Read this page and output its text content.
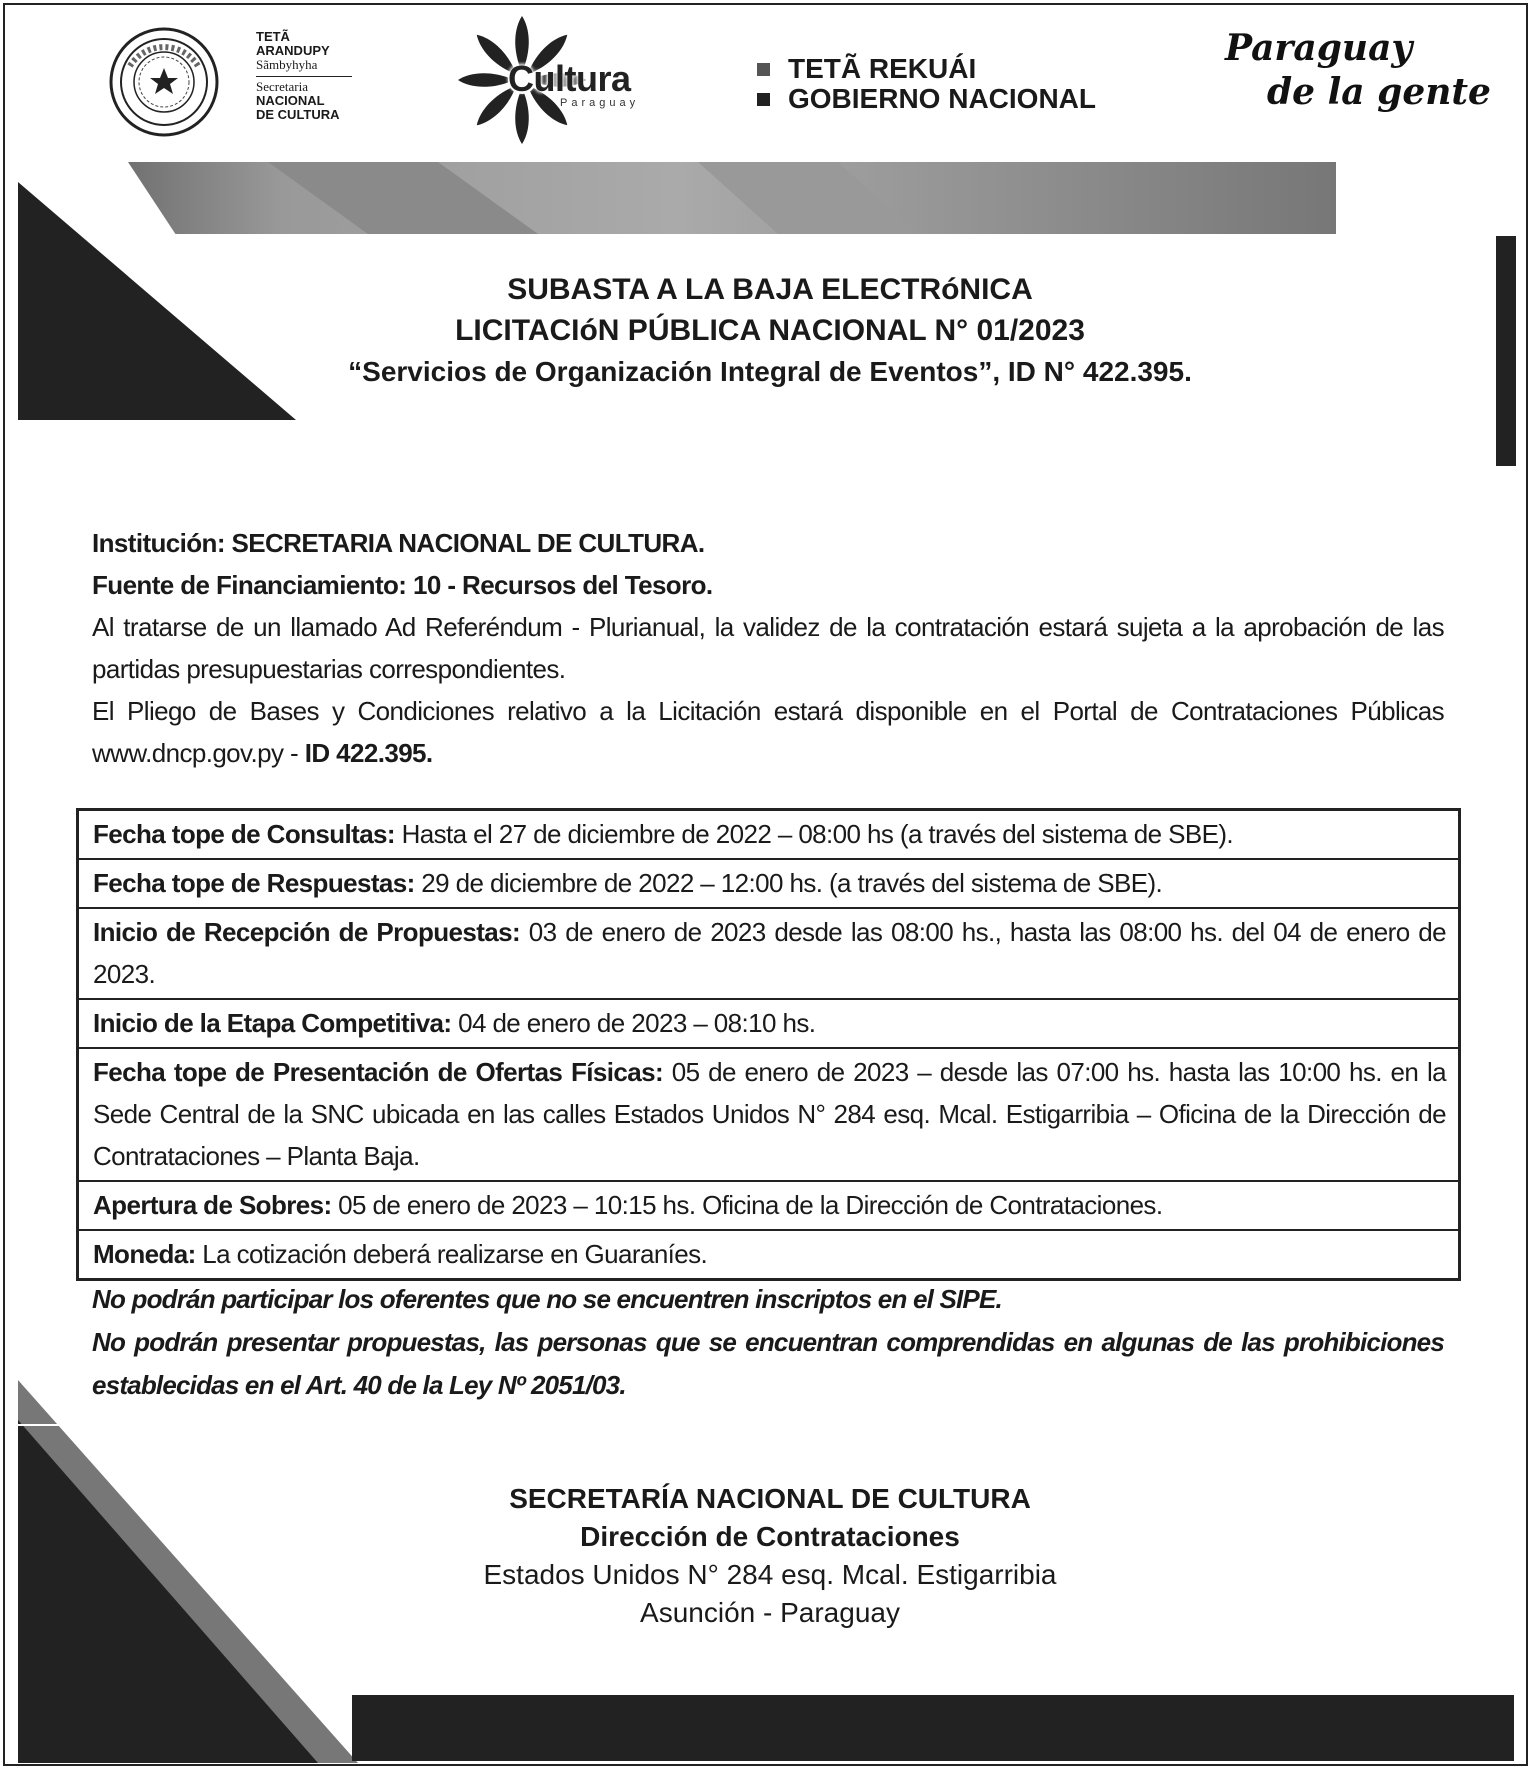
TETÃ
ARANDUPY
Sãmbyhyha
Secretaria
NACIONAL
DE CULTURA
Cultura
Paraguay
TETÃ REKUÁI
GOBIERNO NACIONAL
Paraguay
de la gente
SUBASTA A LA BAJA ELECTRóNICA
LICITACIóN PÚBLICA NACIONAL N° 01/2023
“Servicios de Organización Integral de Eventos”, ID N° 422.395.

Institución: SECRETARIA NACIONAL DE CULTURA.

Fuente de Financiamiento: 10 - Recursos del Tesoro.

Al tratarse de un llamado Ad Referéndum - Plurianual, la validez de la contratación estará sujeta a la aprobación de las partidas presupuestarias correspondientes.

El Pliego de Bases y Condiciones relativo a la Licitación estará disponible en el Portal de Contrataciones Públicas www.dncp.gov.py - ID 422.395.

Fecha tope de Consultas: Hasta el 27 de diciembre de 2022 – 08:00 hs (a través del sistema de SBE).
Fecha tope de Respuestas: 29 de diciembre de 2022 – 12:00 hs. (a través del sistema de SBE).
Inicio de Recepción de Propuestas: 03 de enero de 2023 desde las 08:00 hs., hasta las 08:00 hs. del 04 de enero de 2023.
Inicio de la Etapa Competitiva: 04 de enero de 2023 – 08:10 hs.
Fecha tope de Presentación de Ofertas Físicas: 05 de enero de 2023 – desde las 07:00 hs. hasta las 10:00 hs. en la Sede Central de la SNC ubicada en las calles Estados Unidos N° 284 esq. Mcal. Estigarribia – Oficina de la Dirección de Contrataciones – Planta Baja.
Apertura de Sobres: 05 de enero de 2023 – 10:15 hs. Oficina de la Dirección de Contrataciones.
Moneda: La cotización deberá realizarse en Guaraníes.

No podrán participar los oferentes que no se encuentren inscriptos en el SIPE.

No podrán presentar propuestas, las personas que se encuentran comprendidas en algunas de las prohibiciones establecidas en el Art. 40 de la Ley Nº 2051/03.

SECRETARÍA NACIONAL DE CULTURA
Dirección de Contrataciones
Estados Unidos N° 284 esq. Mcal. Estigarribia
Asunción - Paraguay
